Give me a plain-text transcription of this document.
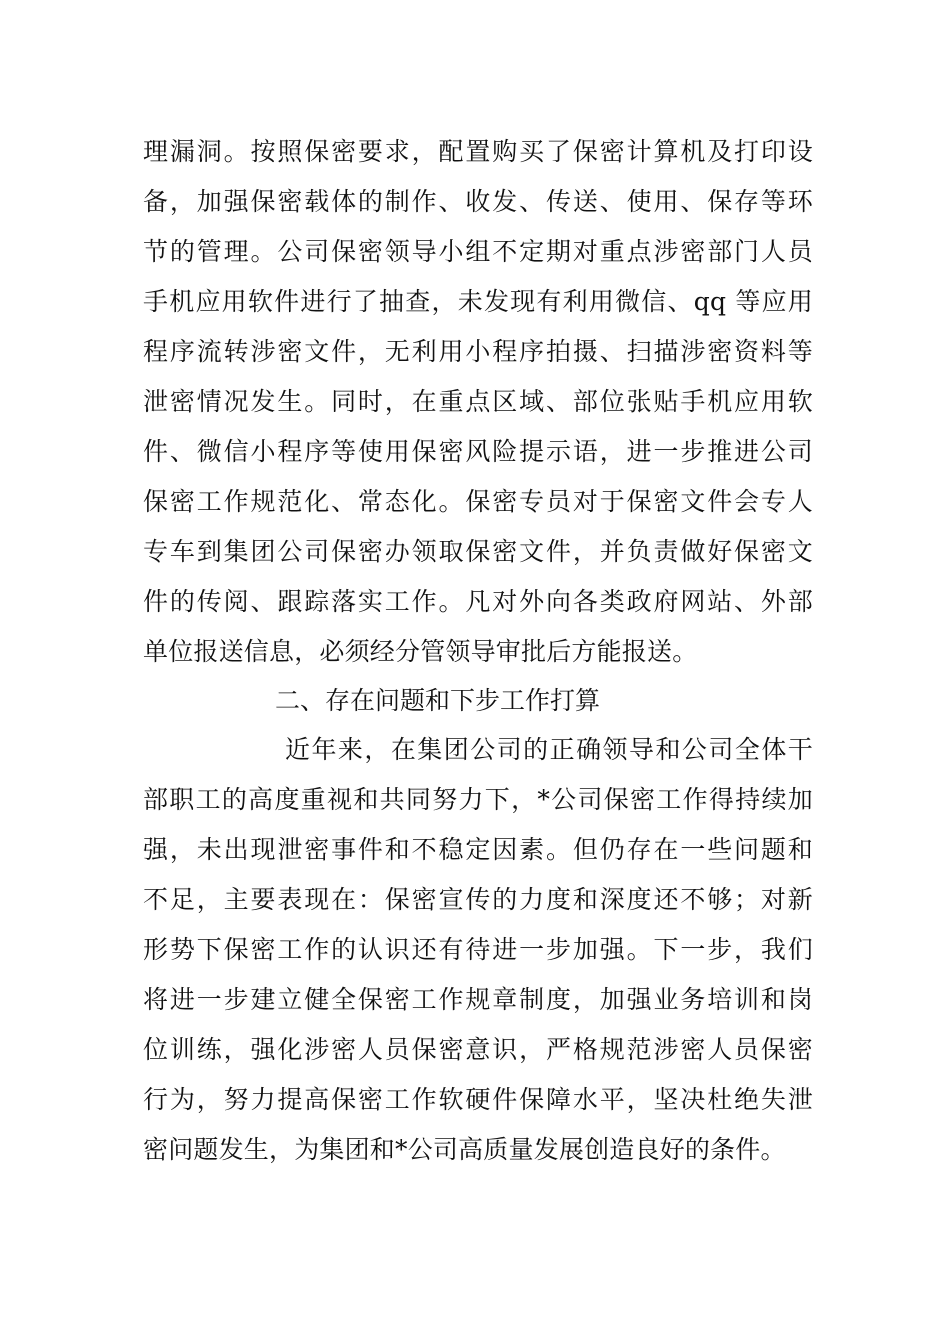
理漏洞。按照保密要求，配置购买了保密计算机及打印设
备，加强保密载体的制作、收发、传送、使用、保存等环
节的管理。公司保密领导小组不定期对重点涉密部门人员
手机应用软件进行了抽查，未发现有利用微信、qq 等应用
程序流转涉密文件，无利用小程序拍摄、扫描涉密资料等
泄密情况发生。同时，在重点区域、部位张贴手机应用软
件、微信小程序等使用保密风险提示语，进一步推进公司
保密工作规范化、常态化。保密专员对于保密文件会专人
专车到集团公司保密办领取保密文件，并负责做好保密文
件的传阅、跟踪落实工作。凡对外向各类政府网站、外部
单位报送信息，必须经分管领导审批后方能报送。
二、存在问题和下步工作打算
近年来，在集团公司的正确领导和公司全体干
部职工的高度重视和共同努力下，*公司保密工作得持续加
强，未出现泄密事件和不稳定因素。但仍存在一些问题和
不足，主要表现在：保密宣传的力度和深度还不够；对新
形势下保密工作的认识还有待进一步加强。下一步，我们
将进一步建立健全保密工作规章制度，加强业务培训和岗
位训练，强化涉密人员保密意识，严格规范涉密人员保密
行为，努力提高保密工作软硬件保障水平，坚决杜绝失泄
密问题发生，为集团和*公司高质量发展创造良好的条件。
